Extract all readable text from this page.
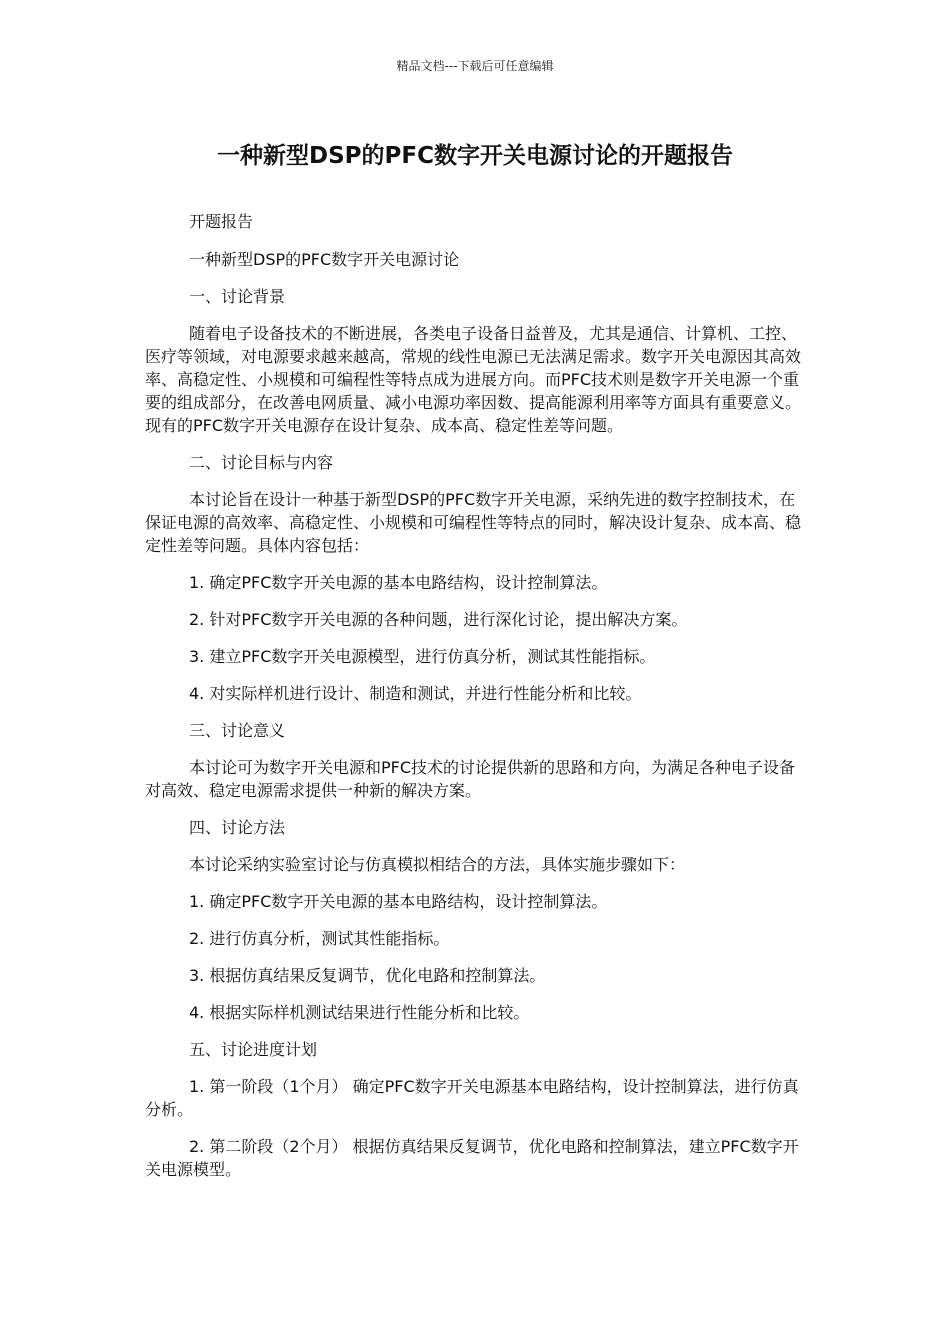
精品文档---下载后可任意编辑
一种新型DSP的PFC数字开关电源讨论的开题报告

开题报告

一种新型DSP的PFC数字开关电源讨论

一、讨论背景

随着电子设备技术的不断进展，各类电子设备日益普及，尤其是通信、计算机、工控、医疗等领域，对电源要求越来越高，常规的线性电源已无法满足需求。数字开关电源因其高效率、高稳定性、小规模和可编程性等特点成为进展方向。而PFC技术则是数字开关电源一个重要的组成部分，在改善电网质量、减小电源功率因数、提高能源利用率等方面具有重要意义。现有的PFC数字开关电源存在设计复杂、成本高、稳定性差等问题。

二、讨论目标与内容

本讨论旨在设计一种基于新型DSP的PFC数字开关电源，采纳先进的数字控制技术，在保证电源的高效率、高稳定性、小规模和可编程性等特点的同时，解决设计复杂、成本高、稳定性差等问题。具体内容包括：

1. 确定PFC数字开关电源的基本电路结构，设计控制算法。

2. 针对PFC数字开关电源的各种问题，进行深化讨论，提出解决方案。

3. 建立PFC数字开关电源模型，进行仿真分析，测试其性能指标。

4. 对实际样机进行设计、制造和测试，并进行性能分析和比较。

三、讨论意义

本讨论可为数字开关电源和PFC技术的讨论提供新的思路和方向，为满足各种电子设备对高效、稳定电源需求提供一种新的解决方案。

四、讨论方法

本讨论采纳实验室讨论与仿真模拟相结合的方法，具体实施步骤如下：

1. 确定PFC数字开关电源的基本电路结构，设计控制算法。

2. 进行仿真分析，测试其性能指标。

3. 根据仿真结果反复调节，优化电路和控制算法。

4. 根据实际样机测试结果进行性能分析和比较。

五、讨论进度计划

1. 第一阶段（1个月） 确定PFC数字开关电源基本电路结构，设计控制算法，进行仿真分析。

2. 第二阶段（2个月） 根据仿真结果反复调节，优化电路和控制算法，建立PFC数字开关电源模型。
